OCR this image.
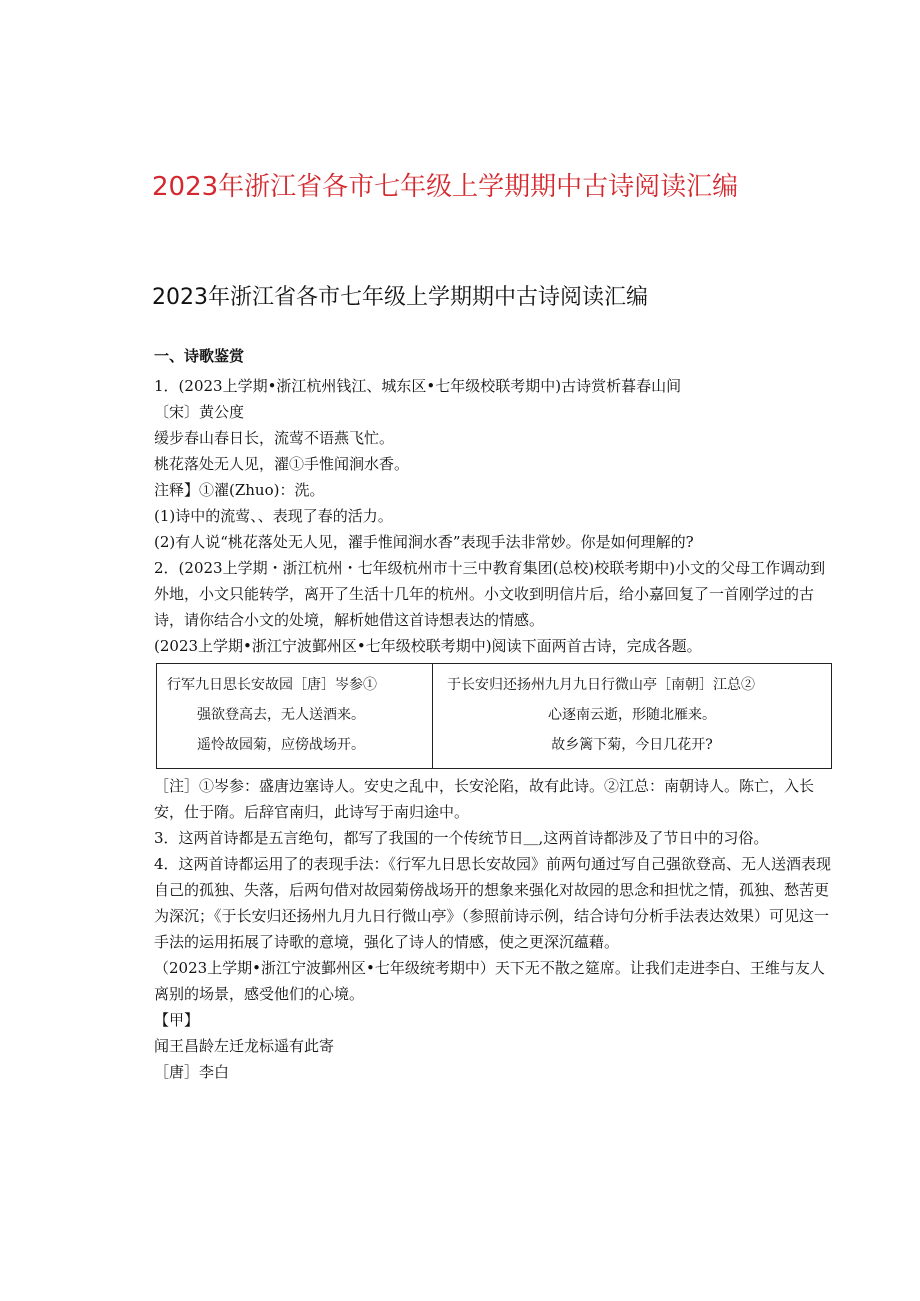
2023年浙江省各市七年级上学期期中古诗阅读汇编
2023年浙江省各市七年级上学期期中古诗阅读汇编
一、诗歌鉴赏
1．(2023上学期•浙江杭州钱江、城东区•七年级校联考期中)古诗赏析暮春山间
〔宋〕黄公度
缓步春山春日长，流莺不语燕飞忙。
桃花落处无人见，濯①手惟闻涧水香。
注释】①濯(Zhuo)：洗。
(1)诗中的流莺、、表现了春的活力。
(2)有人说“桃花落处无人见，濯手惟闻涧水香”表现手法非常妙。你是如何理解的?
2．(2023上学期・浙江杭州・七年级杭州市十三中教育集团(总校)校联考期中)小文的父母工作调动到外地，小文只能转学，离开了生活十几年的杭州。小文收到明信片后，给小嘉回复了一首刚学过的古诗，请你结合小文的处境，解析她借这首诗想表达的情感。
(2023上学期•浙江宁波鄞州区•七年级校联考期中)阅读下面两首古诗，完成各题。
行军九日思长安故园［唐］岑参①
强欲登高去，无人送酒来。
遥怜故园菊，应傍战场开。

于长安归还扬州九月九日行微山亭［南朝］江总②
心逐南云逝，形随北雁来。
故乡篱下菊，今日几花开?
［注］①岑参：盛唐边塞诗人。安史之乱中，长安沦陷，故有此诗。②江总：南朝诗人。陈亡，入长安，仕于隋。后辞官南归，此诗写于南归途中。
3．这两首诗都是五言绝句，都写了我国的一个传统节日＿,这两首诗都涉及了节日中的习俗。
4．这两首诗都运用了的表现手法：《行军九日思长安故园》前两句通过写自己强欲登高、无人送酒表现自己的孤独、失落，后两句借对故园菊傍战场开的想象来强化对故园的思念和担忧之情，孤独、愁苦更为深沉；《于长安归还扬州九月九日行微山亭》（参照前诗示例，结合诗句分析手法表达效果）可见这一手法的运用拓展了诗歌的意境，强化了诗人的情感，使之更深沉蕴藉。
（2023上学期•浙江宁波鄞州区•七年级统考期中）天下无不散之筵席。让我们走进李白、王维与友人离别的场景，感受他们的心境。
【甲】
闻王昌龄左迁龙标遥有此寄
［唐］李白
